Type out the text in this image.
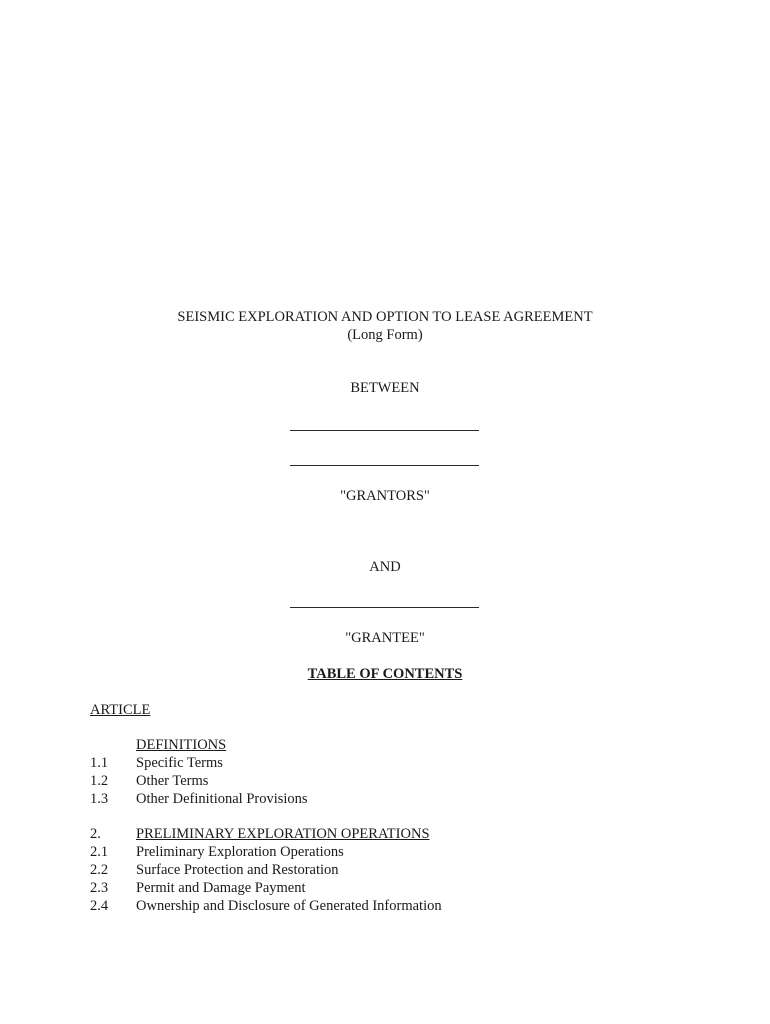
SEISMIC EXPLORATION AND OPTION TO LEASE AGREEMENT
(Long Form)
BETWEEN
"GRANTORS"
AND
"GRANTEE"
TABLE OF CONTENTS
ARTICLE
DEFINITIONS
1.1 Specific Terms
1.2 Other Terms
1.3 Other Definitional Provisions
2. PRELIMINARY EXPLORATION OPERATIONS
2.1 Preliminary Exploration Operations
2.2 Surface Protection and Restoration
2.3 Permit and Damage Payment
2.4 Ownership and Disclosure of Generated Information
